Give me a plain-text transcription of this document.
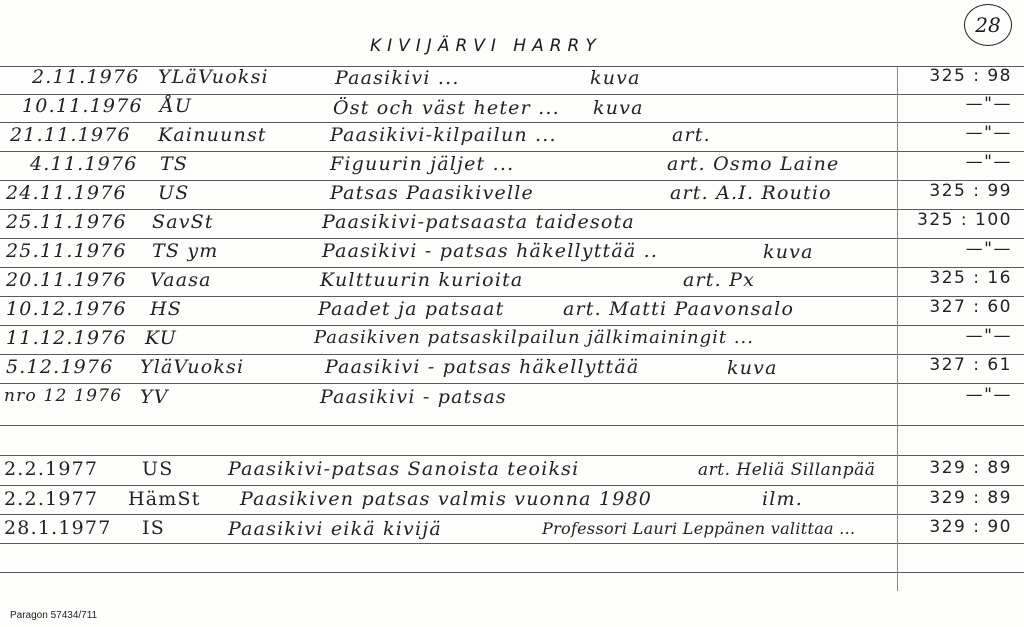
28
KIVIJÄRVI HARRY
2.11.1976 YLäVuoksi	Paasikivi ...	kuva	325 : 98
10.11.1976 ÅU	Öst och väst heter ... kuva	—"—
21.11.1976 Kainuunst	Paasikivi-kilpailun ...	art.	—"—
4.11.1976 TS	Figuurin jäljet ...	art. Osmo Laine	—"—
24.11.1976 US	Patsas Paasikivelle	art. A.I. Routio	325 : 99
25.11.1976 SavSt	Paasikivi-patsaasta taidesota	325 : 100
25.11.1976 TS ym	Paasikivi - patsas häkellyttää ..	kuva	—"—
20.11.1976 Vaasa	Kulttuurin kurioita	art. Px	325 : 16
10.12.1976 HS	Paadet ja patsaat	art. Matti Paavonsalo	327 : 60
11.12.1976 KU	Paasikiven patsaskilpailun jälkimainingit ...	—"—
5.12.1976 YläVuoksi	Paasikivi - patsas häkellyttää	kuva	327 : 61
nro 12 1976 YV	Paasikivi - patsas	—"—
2.2.1977 US	Paasikivi-patsas Sanoista teoiksi	art. Heliä Sillanpää	329 : 89
2.2.1977 HämSt Paasikiven patsas valmis vuonna 1980	ilm.	329 : 89
28.1.1977 IS	Paasikivi eikä kivijä	Professori Lauri Leppänen valittaa ...	329 : 90
Paragon 57434/711
